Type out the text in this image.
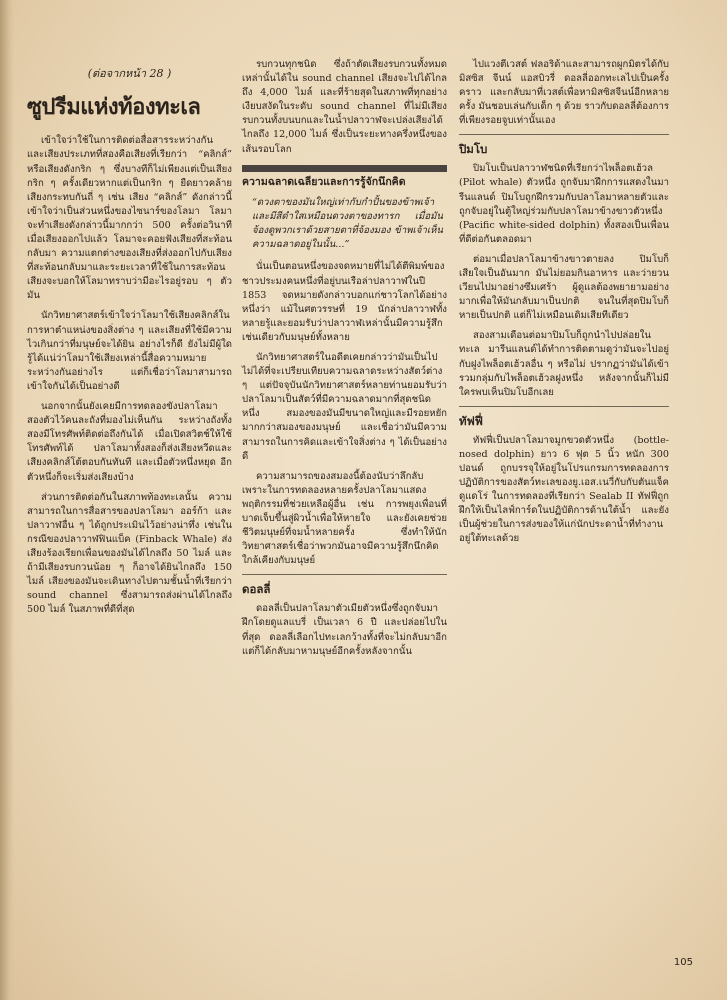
(ต่อจากหน้า 28 )
ซูปรีมแห่งท้องทะเล

เข้าใจว่าใช้ในการติดต่อสื่อสารระหว่างกัน และเสียงประเภทที่สองคือเสียงที่เรียกว่า “คลิกส์” หรือเสียงดังกริก ๆ ซึ่งบางทีก็ไม่เพียงแต่เป็นเสียงกริก ๆ ครั้งเดียวหากแต่เป็นกริก ๆ ยืดยาวคล้ายเสียงกระทบกันถี่ ๆ เช่น เสียง “คลิกส์” ดังกล่าวนี้เข้าใจว่าเป็นส่วนหนึ่งของไซนาร์ของโลมา โลมาจะทำเสียงดังกล่าวนี้มากกว่า 500 ครั้งต่อวินาที เมื่อเสียงออกไปแล้ว โลมาจะคอยฟังเสียงที่สะท้อนกลับมา ความแตกต่างของเสียงที่ส่งออกไปกับเสียงที่สะท้อนกลับมาและระยะเวลาที่ใช้ในการสะท้อนเสียงจะบอกให้โลมาทราบว่ามีอะไรอยู่รอบ ๆ ตัวมัน

นักวิทยาศาสตร์เข้าใจว่าโลมาใช้เสียงคลิกส์ในการหาตำแหน่งของสิ่งต่าง ๆ และเสียงที่ใช้มีความไวเกินกว่าที่มนุษย์จะได้ยิน อย่างไรก็ดี ยังไม่มีผู้ใดรู้ได้แน่ว่าโลมาใช้เสียงเหล่านี้สื่อความหมายระหว่างกันอย่างไร แต่ก็เชื่อว่าโลมาสามารถเข้าใจกันได้เป็นอย่างดี

นอกจากนั้นยังเคยมีการทดลองขังปลาโลมาสองตัวไว้คนละถังที่มองไม่เห็นกัน ระหว่างถังทั้งสองมีโทรศัพท์ติดต่อถึงกันได้ เมื่อเปิดสวิตช์ให้ใช้โทรศัพท์ได้ ปลาโลมาทั้งสองก็ส่งเสียงหวีดและเสียงคลิกส์โต้ตอบกันทันที และเมื่อตัวหนึ่งหยุด อีกตัวหนึ่งก็จะเริ่มส่งเสียงบ้าง

ส่วนการติดต่อกันในสภาพท้องทะเลนั้น ความสามารถในการสื่อสารของปลาโลมา ออร์ก้า และปลาวาฬอื่น ๆ ได้ถูกประเมินไว้อย่างน่าทึ่ง เช่นในกรณีของปลาวาฬฟินแบ็ค (Finback Whale) ส่งเสียงร้องเรียกเพื่อนของมันได้ไกลถึง 50 ไมล์ และถ้ามีเสียงรบกวนน้อย ๆ ก็อาจได้ยินไกลถึง 150 ไมล์ เสียงของมันจะเดินทางไปตามชั้นน้ำที่เรียกว่า sound channel ซึ่งสามารถส่งผ่านได้ไกลถึง 500 ไมล์ ในสภาพที่ดีที่สุด

รบกวนทุกชนิด ซึ่งถ้าตัดเสียงรบกวนทั้งหมดเหล่านั้นได้ใน sound channel เสียงจะไปได้ไกลถึง 4,000 ไมล์ และที่ร้ายสุดในสภาพที่ทุกอย่างเงียบสงัดในระดับ sound channel ที่ไม่มีเสียงรบกวนทั้งบนบกและในน้ำปลาวาฬจะเปล่งเสียงได้ไกลถึง 12,000 ไมล์ ซึ่งเป็นระยะทางครึ่งหนึ่งของเส้นรอบโลก

ความฉลาดเฉลียวและการรู้จักนึกคิด
“ดวงตาของมันใหญ่เท่ากับกำปั้นของข้าพเจ้าและมีสีดำใสเหมือนดวงตาของทารก เมื่อมันจ้องดูพวกเราด้วยสายตาที่จ้องมอง ข้าพเจ้าเห็นความฉลาดอยู่ในนั้น...”

นั่นเป็นตอนหนึ่งของจดหมายที่ไม่ได้ตีพิมพ์ของชาวประมงคนหนึ่งที่อยู่บนเรือล่าปลาวาฬในปี 1853 จดหมายดังกล่าวบอกแก่ชาวโลกได้อย่างหนึ่งว่า แม้ในศตวรรษที่ 19 นักล่าปลาวาฬทั้งหลายรู้และยอมรับว่าปลาวาฬเหล่านั้นมีความรู้สึกเช่นเดียวกับมนุษย์ทั้งหลาย

นักวิทยาศาสตร์ในอดีตเคยกล่าวว่ามันเป็นไปไม่ได้ที่จะเปรียบเทียบความฉลาดระหว่างสัตว์ต่าง ๆ แต่ปัจจุบันนักวิทยาศาสตร์หลายท่านยอมรับว่าปลาโลมาเป็นสัตว์ที่มีความฉลาดมากที่สุดชนิดหนึ่ง สมองของมันมีขนาดใหญ่และมีรอยหยักมากกว่าสมองของมนุษย์ และเชื่อว่ามันมีความสามารถในการคิดและเข้าใจสิ่งต่าง ๆ ได้เป็นอย่างดี

ความสามารถของสมองนี้ต้องนับว่าลึกลับ เพราะในการทดลองหลายครั้งปลาโลมาแสดงพฤติกรรมที่ช่วยเหลือผู้อื่น เช่น การพยุงเพื่อนที่บาดเจ็บขึ้นสู่ผิวน้ำเพื่อให้หายใจ และยังเคยช่วยชีวิตมนุษย์ที่จมน้ำหลายครั้ง ซึ่งทำให้นักวิทยาศาสตร์เชื่อว่าพวกมันอาจมีความรู้สึกนึกคิดใกล้เคียงกับมนุษย์

ดอลลี่

ดอลลี่เป็นปลาโลมาตัวเมียตัวหนึ่งซึ่งถูกจับมาฝึกโดยดูแลแบรี่ เป็นเวลา 6 ปี และปล่อยไปในที่สุด ดอลลี่เลือกไปทะเลกว้างทั้งที่จะไม่กลับมาอีก แต่ก็ได้กลับมาหามนุษย์อีกครั้งหลังจากนั้น

ไปแวงตีเวสต์ ฟลอริด้าและสามารถผูกมิตรได้กับมิสซิส จีนน์ แอสบิวรี่ ดอลลี่ออกทะเลไปเป็นครั้งคราว และกลับมาที่เวสต์เพื่อหามิสซิสจีนน์อีกหลายครั้ง มันชอบเล่นกับเด็ก ๆ ด้วย ราวกับดอลลี่ต้องการที่เพียงรอยจูบเท่านั้นเอง

ปิมโบ

ปิมโบเป็นปลาวาฬชนิดที่เรียกว่าไพล็อตเฮ้วล (Pilot whale) ตัวหนึ่ง ถูกจับมาฝึกการแสดงในมารีนแลนด์ ปิมโบถูกฝึกรวมกับปลาโลมาหลายตัวและถูกจับอยู่ในตู้ใหญ่ร่วมกับปลาโลมาข้างขาวตัวหนึ่ง (Pacific white-sided dolphin) ทั้งสองเป็นเพื่อนที่ดีต่อกันตลอดมา

ต่อมาเมื่อปลาโลมาข้างขาวตายลง ปิมโบก็เสียใจเป็นอันมาก มันไม่ยอมกินอาหาร และว่ายวนเวียนไปมาอย่างซึมเศร้า ผู้ดูแลต้องพยายามอย่างมากเพื่อให้มันกลับมาเป็นปกติ จนในที่สุดปิมโบก็หายเป็นปกติ แต่ก็ไม่เหมือนเดิมเสียทีเดียว

สองสามเดือนต่อมาปิมโบก็ถูกนำไปปล่อยในทะเล มารีนแลนด์ได้ทำการติดตามดูว่ามันจะไปอยู่กับฝูงไพล็อตเฮ้วลอื่น ๆ หรือไม่ ปรากฏว่ามันได้เข้ารวมกลุ่มกับไพล็อตเฮ้วลฝูงหนึ่ง หลังจากนั้นก็ไม่มีใครพบเห็นปิมโบอีกเลย

ทัฟฟี่

ทัฟฟี่เป็นปลาโลมาจมูกขวดตัวหนึ่ง (bottle-nosed dolphin) ยาว 6 ฟุต 5 นิ้ว หนัก 300 ปอนด์ ถูกบรรจุให้อยู่ในโปรแกรมการทดลองการปฏิบัติการของสัตว์ทะเลของยู.เอส.เนวี่กับกับตันแจ็ค ดูแดโร่ ในการทดลองที่เรียกว่า Sealab II ทัฟฟี่ถูกฝึกให้เป็นไลฟ์การ์ดในปฏิบัติการด้านใต้น้ำ และยังเป็นผู้ช่วยในการส่งของให้แก่นักประดาน้ำที่ทำงานอยู่ใต้ทะเลด้วย

105
